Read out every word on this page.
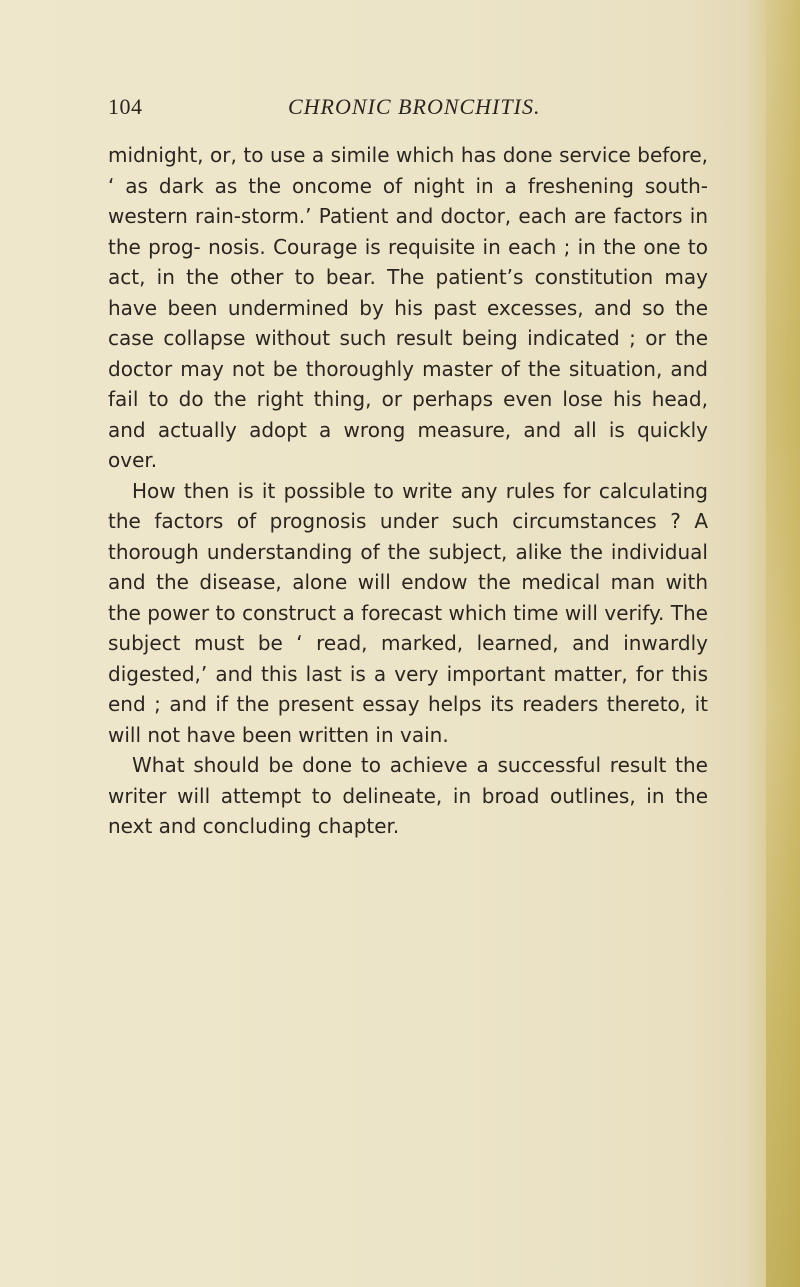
104	CHRONIC BRONCHITIS.

midnight, or, to use a simile which has done service before, ‘ as dark as the oncome of night in a freshening south-western rain-storm.’ Patient and doctor, each are factors in the prog- nosis. Courage is requisite in each ; in the one to act, in the other to bear. The patient’s constitution may have been undermined by his past excesses, and so the case collapse without such result being indicated ; or the doctor may not be thoroughly master of the situation, and fail to do the right thing, or perhaps even lose his head, and actually adopt a wrong measure, and all is quickly over.

How then is it possible to write any rules for calculating the factors of prognosis under such circumstances ? A thorough understanding of the subject, alike the individual and the disease, alone will endow the medical man with the power to construct a forecast which time will verify. The subject must be ‘ read, marked, learned, and inwardly digested,’ and this last is a very important matter, for this end ; and if the present essay helps its readers thereto, it will not have been written in vain.

What should be done to achieve a successful result the writer will attempt to delineate, in broad outlines, in the next and concluding chapter.
